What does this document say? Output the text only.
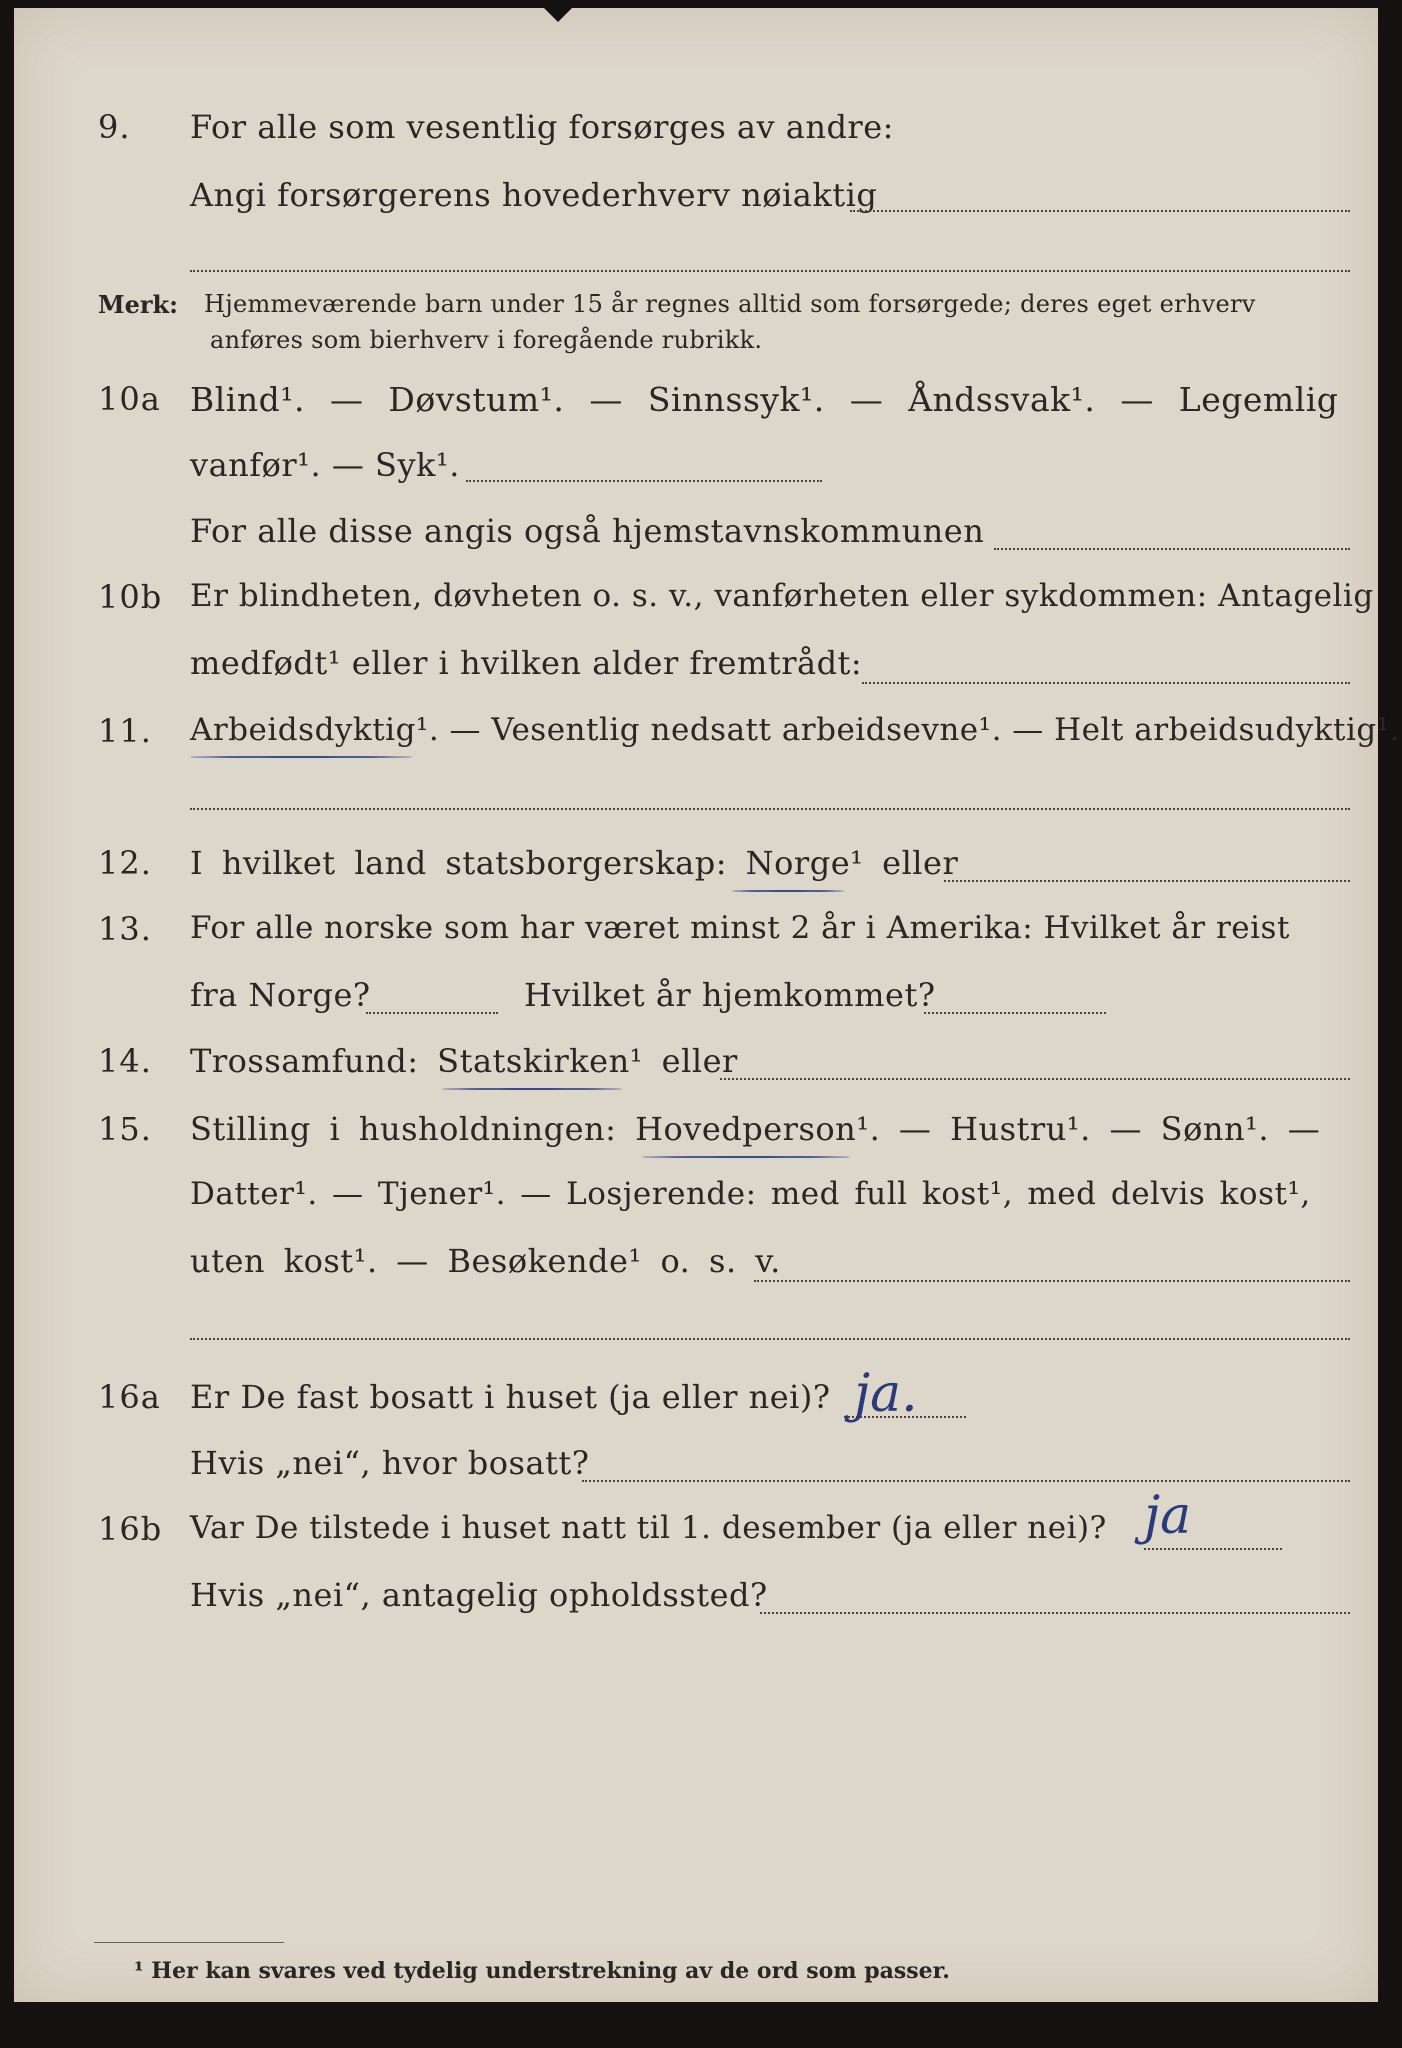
9. For alle som vesentlig forsørges av andre:
Angi forsørgerens hovederhverv nøiaktig
Merk: Hjemmeværende barn under 15 år regnes alltid som forsørgede; deres eget erhverv
anføres som bierhverv i foregående rubrikk.
10a Blind¹. — Døvstum¹. — Sinnssyk¹. — Åndssvak¹. — Legemlig
vanfør¹. — Syk¹.
For alle disse angis også hjemstavnskommunen
10b Er blindheten, døvheten o. s. v., vanførheten eller sykdommen: Antagelig
medfødt¹ eller i hvilken alder fremtrådt:
11. Arbeidsdyktig¹. — Vesentlig nedsatt arbeidsevne¹. — Helt arbeidsudyktig¹.
12. I hvilket land statsborgerskap: Norge¹ eller
13. For alle norske som har været minst 2 år i Amerika: Hvilket år reist
fra Norge?	Hvilket år hjemkommet?
14. Trossamfund: Statskirken¹ eller
15. Stilling i husholdningen: Hovedperson¹. — Hustru¹. — Sønn¹. —
Datter¹. — Tjener¹. — Losjerende: med full kost¹, med delvis kost¹,
uten kost¹. — Besøkende¹ o. s. v.
16a Er De fast bosatt i huset (ja eller nei)? ja.
Hvis „nei“, hvor bosatt?
16b Var De tilstede i huset natt til 1. desember (ja eller nei)? ja
Hvis „nei“, antagelig opholdssted?
¹ Her kan svares ved tydelig understrekning av de ord som passer.
